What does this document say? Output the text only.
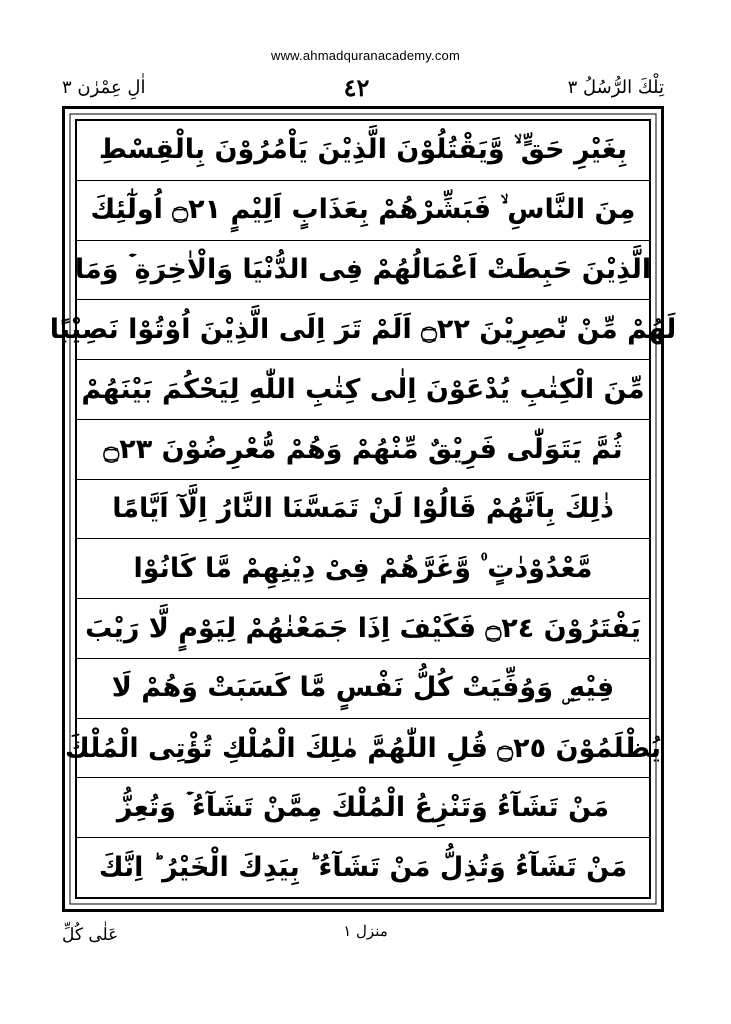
www.ahmadquranacademy.com
اٰلِ عِمْرٰن ٣	٤٢	تِلْكَ الرُّسُلُ ٣
بِغَيْرِ حَقٍّ ۙ وَّيَقْتُلُوْنَ الَّذِيْنَ يَاْمُرُوْنَ بِالْقِسْطِ
مِنَ النَّاسِ ۙ فَبَشِّرْهُمْ بِعَذَابٍ اَلِيْمٍ ۝٢١ اُولٰٓئِكَ
الَّذِيْنَ حَبِطَتْ اَعْمَالُهُمْ فِى الدُّنْيَا وَالْاٰخِرَةِ ۡ وَمَا
لَهُمْ مِّنْ نّٰصِرِيْنَ ۝٢٢ اَلَمْ تَرَ اِلَى الَّذِيْنَ اُوْتُوْا نَصِيْبًا
مِّنَ الْكِتٰبِ يُدْعَوْنَ اِلٰى كِتٰبِ اللّٰهِ لِيَحْكُمَ بَيْنَهُمْ
ثُمَّ يَتَوَلّٰى فَرِيْقٌ مِّنْهُمْ وَهُمْ مُّعْرِضُوْنَ ۝٢٣
ذٰلِكَ بِاَنَّهُمْ قَالُوْا لَنْ تَمَسَّنَا النَّارُ اِلَّآ اَيَّامًا
مَّعْدُوْدٰتٍ ۠ وَّغَرَّهُمْ فِىْ دِيْنِهِمْ مَّا كَانُوْا
يَفْتَرُوْنَ ۝٢٤ فَكَيْفَ اِذَا جَمَعْنٰهُمْ لِيَوْمٍ لَّا رَيْبَ
فِيْهِ ۣ وَوُفِّيَتْ كُلُّ نَفْسٍ مَّا كَسَبَتْ وَهُمْ لَا
يُظْلَمُوْنَ ۝٢٥ قُلِ اللّٰهُمَّ مٰلِكَ الْمُلْكِ تُؤْتِى الْمُلْكَ
مَنْ تَشَآءُ وَتَنْزِعُ الْمُلْكَ مِمَّنْ تَشَآءُ ۡ وَتُعِزُّ
مَنْ تَشَآءُ وَتُذِلُّ مَنْ تَشَآءُ ؕ بِيَدِكَ الْخَيْرُ ؕ اِنَّكَ
منزل ١
عَلٰى كُلِّ
